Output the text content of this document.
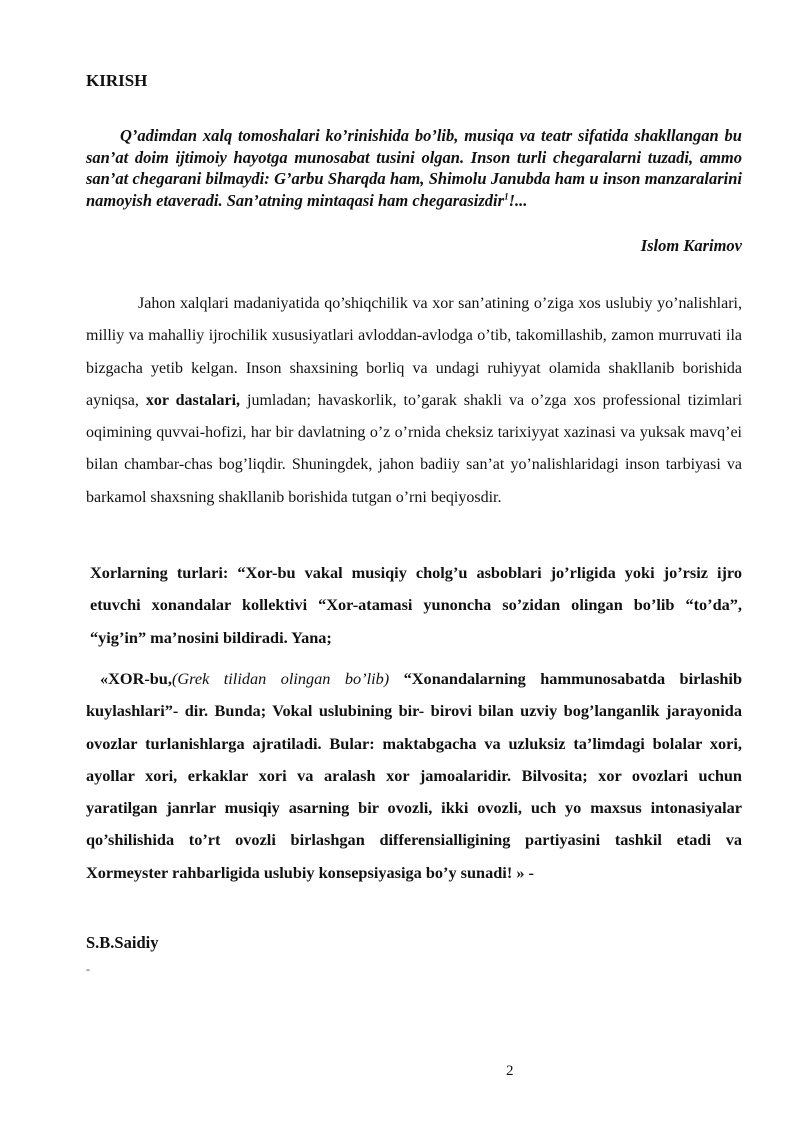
KIRISH
Q’adimdan xalq tomoshalari ko’rinishida bo’lib, musiqa va teatr sifatida shakllangan bu san’at doim ijtimoiy hayotga munosabat tusini olgan. Inson turli chegaralarni tuzadi, ammo san’at chegarani bilmaydi: G’arbu Sharqda ham, Shimolu Janubda ham u inson manzaralarini namoyish etaveradi. San’atning mintaqasi ham chegarasizdir$^1$!...
Islom Karimov
Jahon xalqlari madaniyatida qo’shiqchilik va xor san’atining o’ziga xos uslubiy yo’nalishlari, milliy va mahalliy ijrochilik xususiyatlari avloddan-avlodga o’tib, takomillashib, zamon murruvati ila bizgacha yetib kelgan. Inson shaxsining borliq va undagi ruhiyyat olamida shakllanib borishida ayniqsa, xor dastalari, jumladan; havaskorlik, to’garak shakli va o’zga xos professional tizimlari oqimining quvvai-hofizi, har bir davlatning o’z o’rnida cheksiz tarixiyyat xazinasi va yuksak mavq’ei bilan chambar-chas bog’liqdir. Shuningdek, jahon badiiy san’at yo’nalishlaridagi inson tarbiyasi va barkamol shaxsning shakllanib borishida tutgan o’rni beqiyosdir.
Xorlarning turlari: “Xor-bu vakal musiqiy cholg’u asboblari jo’rligida yoki jo’rsiz ijro etuvchi xonandalar kollektivi “Xor-atamasi yunoncha so’zidan olingan bo’lib “to’da”, “yig’in” ma’nosini bildiradi. Yana;
«XOR-bu,(Grek tilidan olingan bo’lib) “Xonandalarning hammunosabatda birlashib kuylashlari”- dir. Bunda; Vokal uslubining bir- birovi bilan uzviy bog’langanlik jarayonida ovozlar turlanishlarga ajratiladi. Bular: maktabgacha va uzluksiz ta’limdagi bolalar xori, ayollar xori, erkaklar xori va aralash xor jamoalaridir. Bilvosita; xor ovozlari uchun yaratilgan janrlar musiqiy asarning bir ovozli, ikki ovozli, uch yo maxsus intonasiyalar qo’shilishida to’rt ovozli birlashgan differensialligining partiyasini tashkil etadi va Xormeyster rahbarligida uslubiy konsepsiyasiga bo’y sunadi! » -
S.B.Saidiy
-
2
